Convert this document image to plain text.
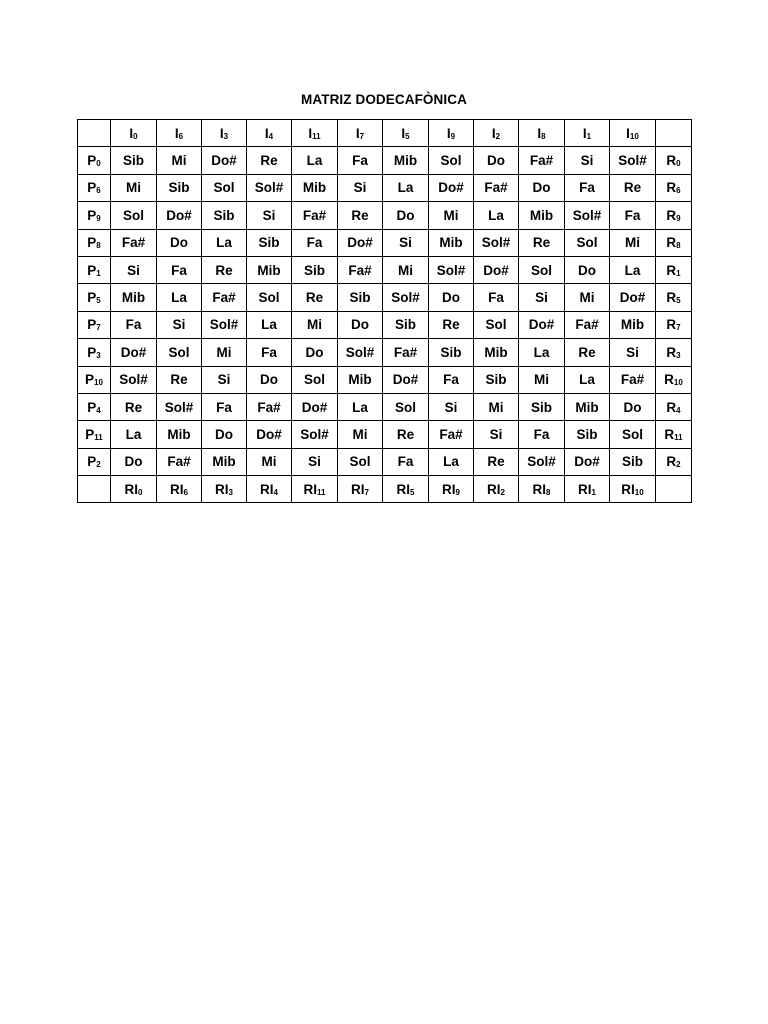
MATRIZ DODECAFÒNICA
	$I_0$	$I_6$	$I_3$	$I_4$	$I_{11}$	$I_7$	$I_5$	$I_9$	$I_2$	$I_8$	$I_1$	$I_{10}$	
$P_0$	Sib	Mi	Do#	Re	La	Fa	Mib	Sol	Do	Fa#	Si	Sol#	$R_0$
$P_6$	Mi	Sib	Sol	Sol#	Mib	Si	La	Do#	Fa#	Do	Fa	Re	$R_6$
$P_9$	Sol	Do#	Sib	Si	Fa#	Re	Do	Mi	La	Mib	Sol#	Fa	$R_9$
$P_8$	Fa#	Do	La	Sib	Fa	Do#	Si	Mib	Sol#	Re	Sol	Mi	$R_8$
$P_1$	Si	Fa	Re	Mib	Sib	Fa#	Mi	Sol#	Do#	Sol	Do	La	$R_1$
$P_5$	Mib	La	Fa#	Sol	Re	Sib	Sol#	Do	Fa	Si	Mi	Do#	$R_5$
$P_7$	Fa	Si	Sol#	La	Mi	Do	Sib	Re	Sol	Do#	Fa#	Mib	$R_7$
$P_3$	Do#	Sol	Mi	Fa	Do	Sol#	Fa#	Sib	Mib	La	Re	Si	$R_3$
$P_{10}$	Sol#	Re	Si	Do	Sol	Mib	Do#	Fa	Sib	Mi	La	Fa#	$R_{10}$
$P_4$	Re	Sol#	Fa	Fa#	Do#	La	Sol	Si	Mi	Sib	Mib	Do	$R_4$
$P_{11}$	La	Mib	Do	Do#	Sol#	Mi	Re	Fa#	Si	Fa	Sib	Sol	$R_{11}$
$P_2$	Do	Fa#	Mib	Mi	Si	Sol	Fa	La	Re	Sol#	Do#	Sib	$R_2$
	$RI_0$	$RI_6$	$RI_3$	$RI_4$	$RI_{11}$	$RI_7$	$RI_5$	$RI_9$	$RI_2$	$RI_8$	$RI_1$	$RI_{10}$	
